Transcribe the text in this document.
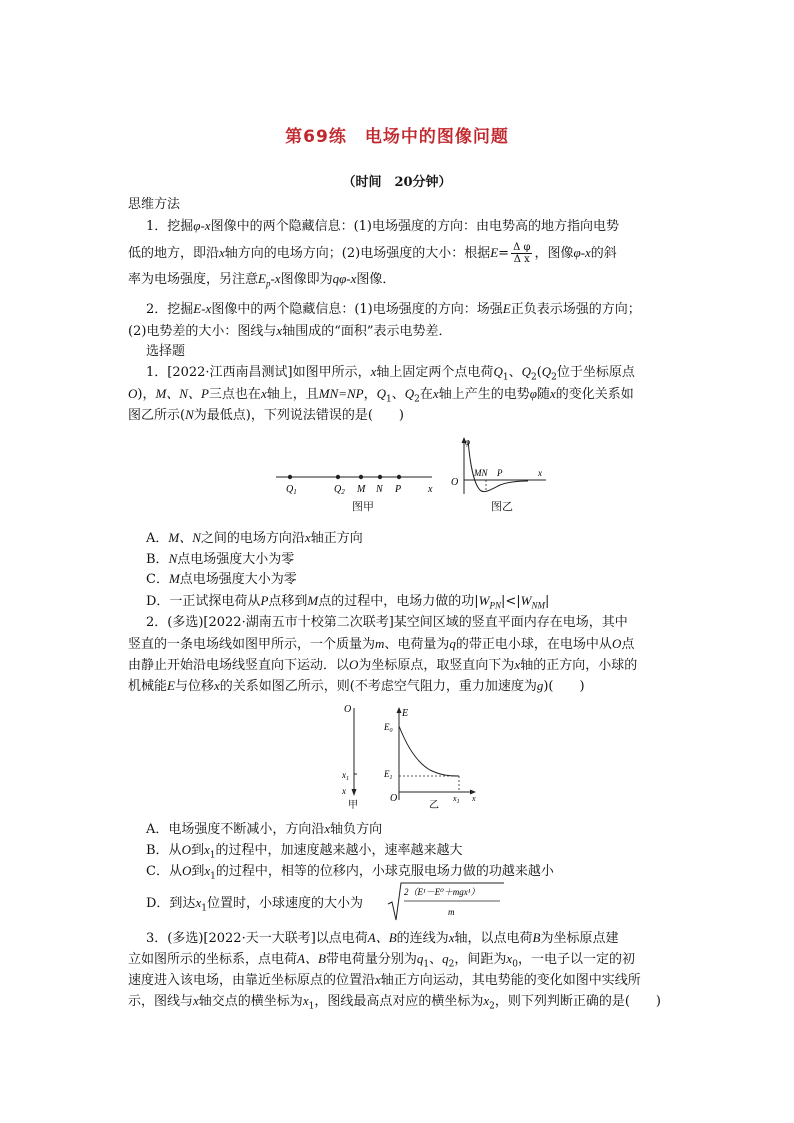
第69练　电场中的图像问题
（时间　20分钟）
思维方法
1．挖掘φ-x图像中的两个隐藏信息：(1)电场强度的方向：由电势高的地方指向电势
低的地方，即沿x轴方向的电场方向；(2)电场强度的大小：根据$E= \frac{\text{Δ φ}}{\text{Δ x}}$ ，图像φ-x的斜
率为电场强度，另注意$E_p-x$图像即为qφ-x图像．
2．挖掘E-x图像中的两个隐藏信息：(1)电场强度的方向：场强E正负表示场强的方向；
(2)电势差的大小：图线与x轴围成的“面积”表示电势差．
选择题
1．[2022·江西南昌测试]如图甲所示，x轴上固定两个点电荷$Q_1$、$Q_2(Q_2$位于坐标原点
O)，M、N、P三点也在x轴上，且MN=NP，$Q_1$、$Q_2$在x轴上产生的电势φ随x的变化关系如
图乙所示(N为最低点)，下列说法错误的是(　　)
$Q_1$	$Q_2$ M N P	x
图甲
φ
O
MN P	x
图乙
A．M、N之间的电场方向沿x轴正方向
B．N点电场强度大小为零
C．M点电场强度大小为零
D．一正试探电荷从P点移到M点的过程中，电场力做的功$|W_{PN}|<|W_{NM}|$
2．(多选)[2022·湖南五市十校第二次联考]某空间区域的竖直平面内存在电场，其中
竖直的一条电场线如图甲所示，一个质量为m、电荷量为q的带正电小球，在电场中从O点
由静止开始沿电场线竖直向下运动．以O为坐标原点，取竖直向下为x轴的正方向，小球的
机械能E与位移x的关系如图乙所示，则(不考虑空气阻力，重力加速度为g)(　　)
O
$x_1$
x
甲
E
$E_0$
$E_1$
O	$x_1$ x
乙
A．电场强度不断减小，方向沿x轴负方向
B．从O到$x_1$的过程中，加速度越来越小，速率越来越大
C．从O到$x_1$的过程中，相等的位移内，小球克服电场力做的功越来越小
D．到达$x_1$位置时，小球速度的大小为
2（E¹－E⁰＋mgx¹）
m
3．(多选)[2022·天一大联考]以点电荷A、B的连线为x轴，以点电荷B为坐标原点建
立如图所示的坐标系，点电荷A、B带电荷量分别为$q_1$、$q_2$，间距为$x_0$，一电子以一定的初
速度进入该电场，由靠近坐标原点的位置沿x轴正方向运动，其电势能的变化如图中实线所
示，图线与x轴交点的横坐标为$x_1$，图线最高点对应的横坐标为$x_2$，则下列判断正确的是(　　)
